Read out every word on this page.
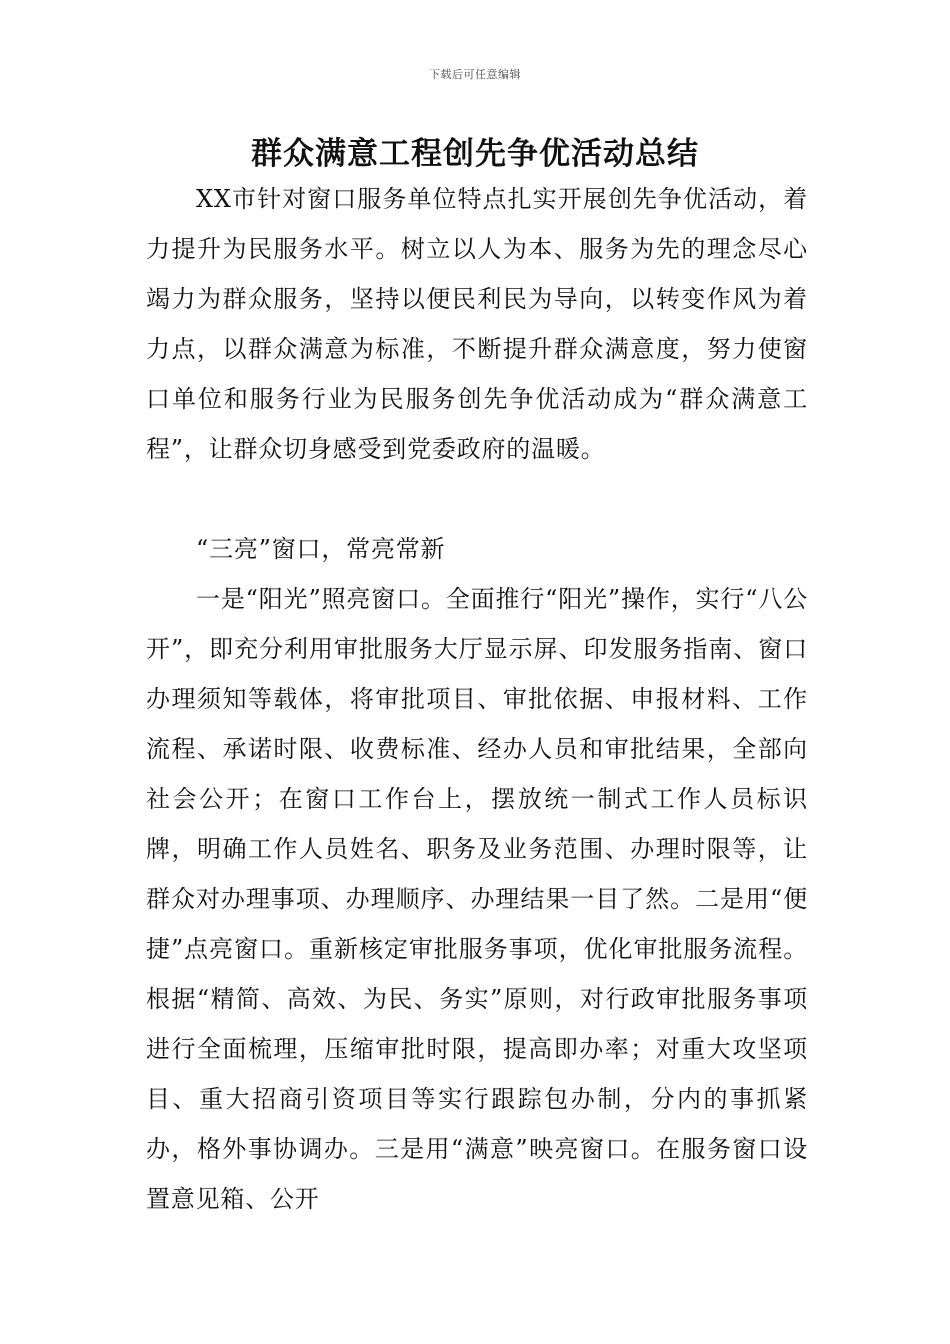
下载后可任意编辑
群众满意工程创先争优活动总结

XX市针对窗口服务单位特点扎实开展创先争优活动，着力提升为民服务水平。树立以人为本、服务为先的理念尽心竭力为群众服务，坚持以便民利民为导向，以转变作风为着力点，以群众满意为标准，不断提升群众满意度，努力使窗口单位和服务行业为民服务创先争优活动成为“群众满意工程”，让群众切身感受到党委政府的温暖。

“三亮”窗口，常亮常新

一是“阳光”照亮窗口。全面推行“阳光”操作，实行“八公开”，即充分利用审批服务大厅显示屏、印发服务指南、窗口办理须知等载体，将审批项目、审批依据、申报材料、工作流程、承诺时限、收费标准、经办人员和审批结果，全部向社会公开；在窗口工作台上，摆放统一制式工作人员标识牌，明确工作人员姓名、职务及业务范围、办理时限等，让群众对办理事项、办理顺序、办理结果一目了然。二是用“便捷”点亮窗口。重新核定审批服务事项，优化审批服务流程。根据“精简、高效、为民、务实”原则，对行政审批服务事项进行全面梳理，压缩审批时限，提高即办率；对重大攻坚项目、重大招商引资项目等实行跟踪包办制，分内的事抓紧办，格外事协调办。三是用“满意”映亮窗口。在服务窗口设置意见箱、公开
